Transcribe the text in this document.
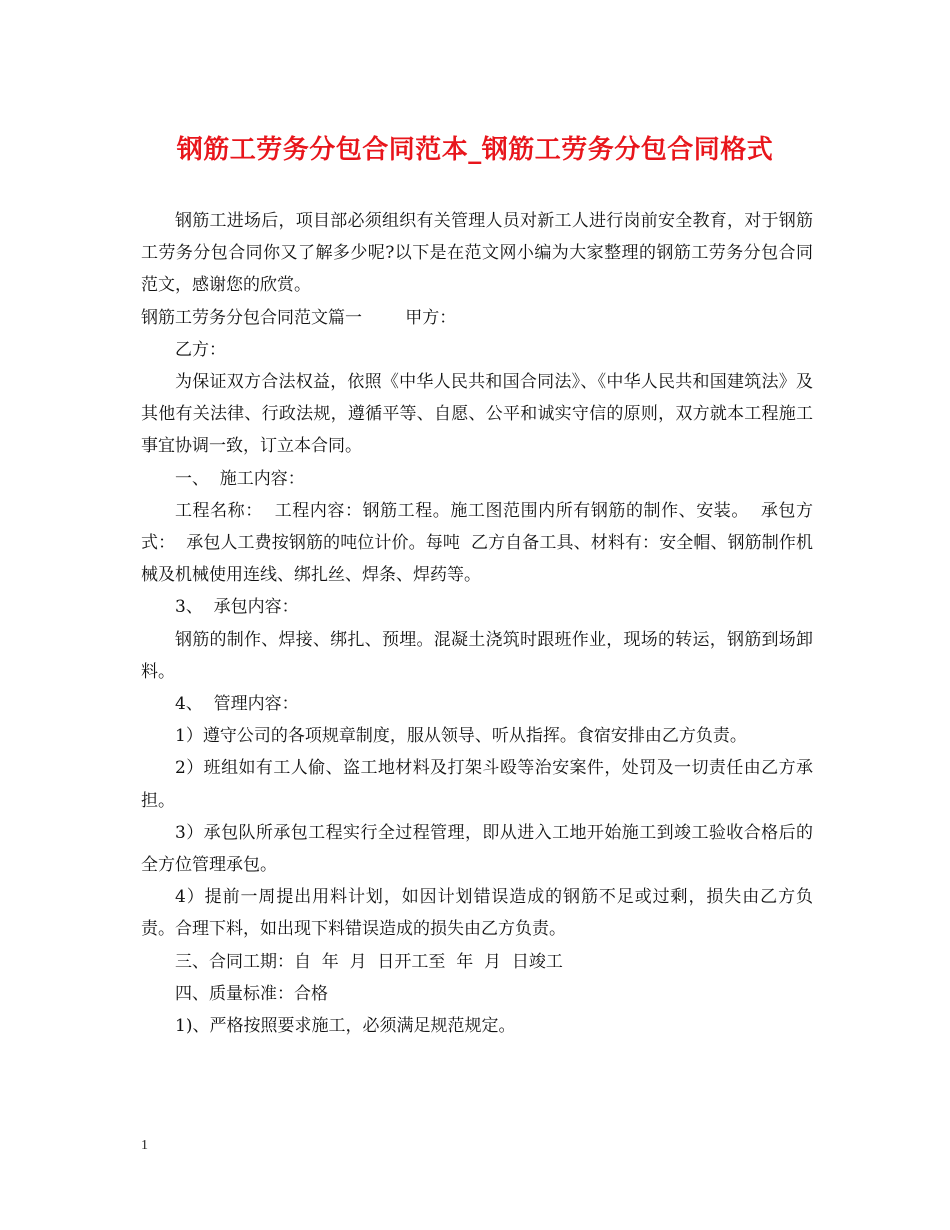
钢筋工劳务分包合同范本_钢筋工劳务分包合同格式

钢筋工进场后，项目部必须组织有关管理人员对新工人进行岗前安全教育，对于钢筋工劳务分包合同你又了解多少呢?以下是在范文网小编为大家整理的钢筋工劳务分包合同范文，感谢您的欣赏。

钢筋工劳务分包合同范文篇一        甲方：

乙方：

为保证双方合法权益，依照《中华人民共和国合同法》、《中华人民共和国建筑法》及其他有关法律、行政法规，遵循平等、自愿、公平和诚实守信的原则，双方就本工程施工事宜协调一致，订立本合同。

一、  施工内容：

工程名称：  工程内容：钢筋工程。施工图范围内所有钢筋的制作、安装。  承包方式：  承包人工费按钢筋的吨位计价。每吨  乙方自备工具、材料有：安全帽、钢筋制作机械及机械使用连线、绑扎丝、焊条、焊药等。

3、  承包内容：

钢筋的制作、焊接、绑扎、预埋。混凝土浇筑时跟班作业，现场的转运，钢筋到场卸料。

4、  管理内容：

1）遵守公司的各项规章制度，服从领导、听从指挥。食宿安排由乙方负责。

2）班组如有工人偷、盗工地材料及打架斗殴等治安案件，处罚及一切责任由乙方承担。

3）承包队所承包工程实行全过程管理，即从进入工地开始施工到竣工验收合格后的全方位管理承包。

4）提前一周提出用料计划，如因计划错误造成的钢筋不足或过剩，损失由乙方负责。合理下料，如出现下料错误造成的损失由乙方负责。

三、合同工期：自  年  月  日开工至  年  月  日竣工

四、质量标准：合格

1)、严格按照要求施工，必须满足规范规定。

1
